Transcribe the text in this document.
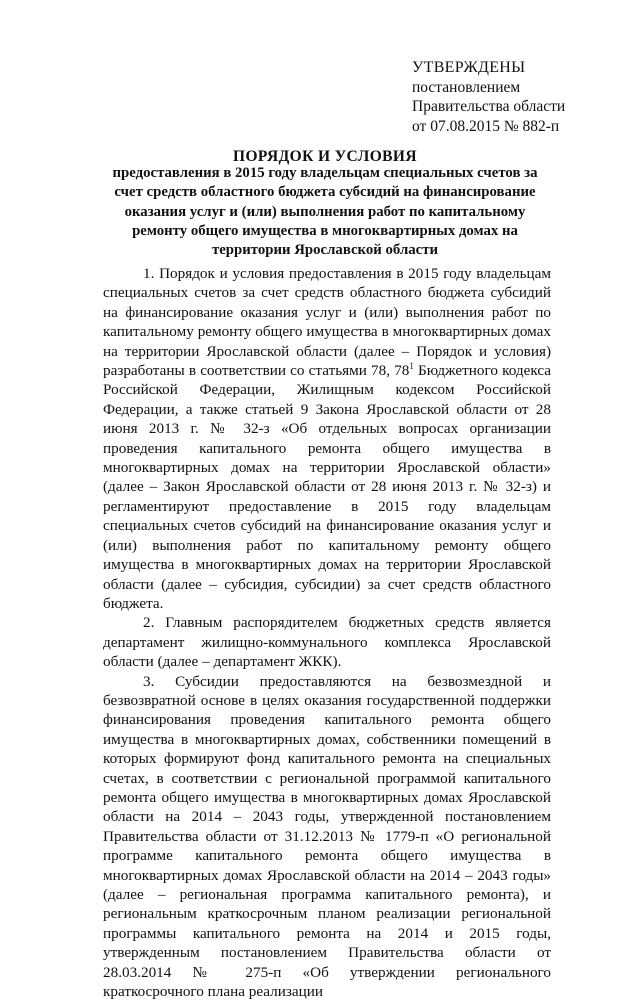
УТВЕРЖДЕНЫ
постановлением
Правительства области
от 07.08.2015 № 882-п
ПОРЯДОК И УСЛОВИЯ
предоставления в 2015 году владельцам специальных счетов за счет средств областного бюджета субсидий на финансирование оказания услуг и (или) выполнения работ по капитальному ремонту общего имущества в многоквартирных домах на территории Ярославской области

1. Порядок и условия предоставления в 2015 году владельцам специальных счетов за счет средств областного бюджета субсидий на финансирование оказания услуг и (или) выполнения работ по капитальному ремонту общего имущества в многоквартирных домах на территории Ярославской области (далее – Порядок и условия) разработаны в соответствии со статьями 78, $78^1$ Бюджетного кодекса Российской Федерации, Жилищным кодексом Российской Федерации, а также статьей 9 Закона Ярославской области от 28 июня 2013 г. № 32-з «Об отдельных вопросах организации проведения капитального ремонта общего имущества в многоквартирных домах на территории Ярославской области» (далее – Закон Ярославской области от 28 июня 2013 г. № 32-з) и регламентируют предоставление в 2015 году владельцам специальных счетов субсидий на финансирование оказания услуг и (или) выполнения работ по капитальному ремонту общего имущества в многоквартирных домах на территории Ярославской области (далее – субсидия, субсидии) за счет средств областного бюджета.

2. Главным распорядителем бюджетных средств является департамент жилищно-коммунального комплекса Ярославской области (далее – департамент ЖКК).

3. Субсидии предоставляются на безвозмездной и безвозвратной основе в целях оказания государственной поддержки финансирования проведения капитального ремонта общего имущества в многоквартирных домах, собственники помещений в которых формируют фонд капитального ремонта на специальных счетах, в соответствии с региональной программой капитального ремонта общего имущества в многоквартирных домах Ярославской области на 2014 – 2043 годы, утвержденной постановлением Правительства области от 31.12.2013 № 1779-п «О региональной программе капитального ремонта общего имущества в многоквартирных домах Ярославской области на 2014 – 2043 годы» (далее – региональная программа капитального ремонта), и региональным краткосрочным планом реализации региональной программы капитального ремонта на 2014 и 2015 годы, утвержденным постановлением Правительства области от 28.03.2014 № 275-п «Об утверждении регионального краткосрочного плана реализации
